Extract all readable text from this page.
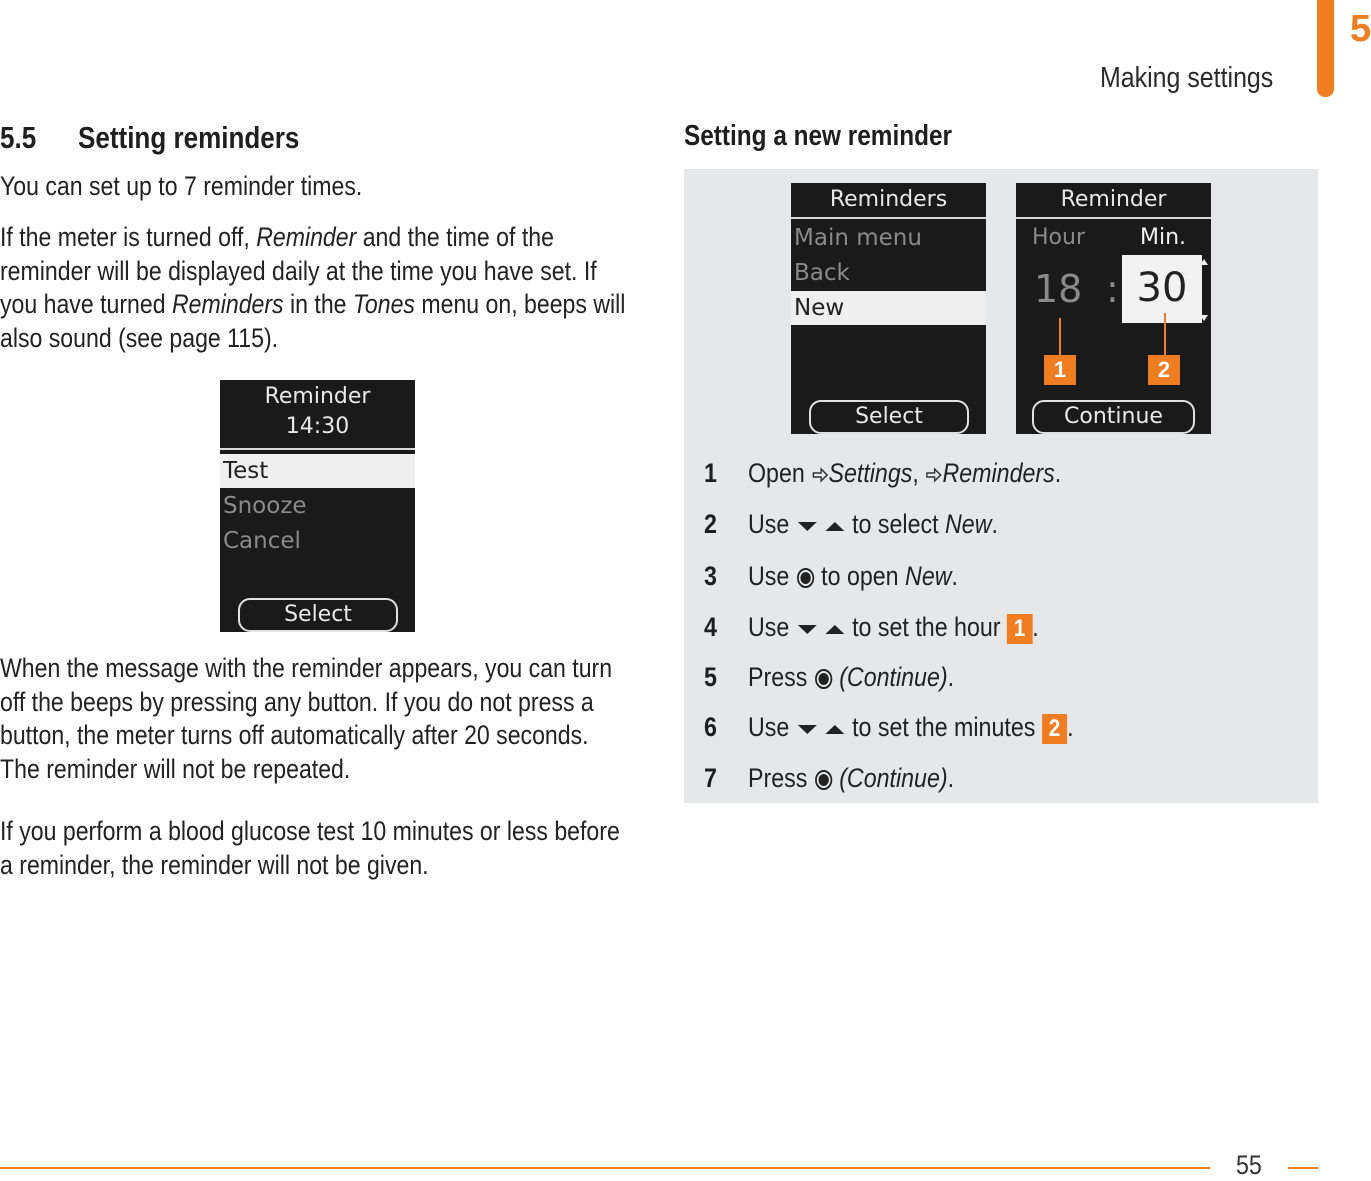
Making settings
5
5.5 Setting reminders
You can set up to 7 reminder times.
If the meter is turned off, Reminder and the time of the reminder will be displayed daily at the time you have set. If you have turned Reminders in the Tones menu on, beeps will also sound (see page 115).
Reminder
14:30
Test
Snooze
Cancel
Select
When the message with the reminder appears, you can turn off the beeps by pressing any button. If you do not press a button, the meter turns off automatically after 20 seconds. The reminder will not be repeated.
If you perform a blood glucose test 10 minutes or less before a reminder, the reminder will not be given.
Setting a new reminder
Reminders
Main menu
Back
New
Select
Reminder
Hour	Min.
18 : 30
1	2
Continue
1 Open Settings, Reminders.
2 Use  to select New.
3 Use  to open New.
4 Use  to set the hour 1 .
5 Press  (Continue).
6 Use  to set the minutes 2 .
7 Press  (Continue).
55
